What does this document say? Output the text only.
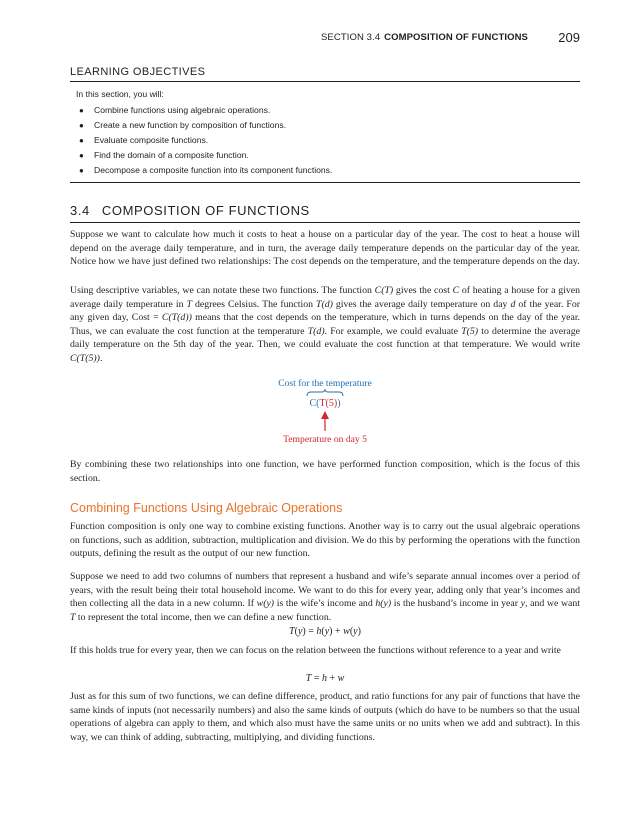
SECTION 3.4 COMPOSITION OF FUNCTIONS 209
LEARNING OBJECTIVES
In this section, you will:
● Combine functions using algebraic operations.
● Create a new function by composition of functions.
● Evaluate composite functions.
● Find the domain of a composite function.
● Decompose a composite function into its component functions.
3.4 COMPOSITION OF FUNCTIONS

Suppose we want to calculate how much it costs to heat a house on a particular day of the year. The cost to heat a house will depend on the average daily temperature, and in turn, the average daily temperature depends on the particular day of the year. Notice how we have just defined two relationships: The cost depends on the temperature, and the temperature depends on the day.

Using descriptive variables, we can notate these two functions. The function C(T) gives the cost C of heating a house for a given average daily temperature in T degrees Celsius. The function T(d) gives the average daily temperature on day d of the year. For any given day, Cost = C(T(d)) means that the cost depends on the temperature, which in turns depends on the day of the year. Thus, we can evaluate the cost function at the temperature T(d). For example, we could evaluate T(5) to determine the average daily temperature on the 5th day of the year. Then, we could evaluate the cost function at that temperature. We would write C(T(5)).

Cost for the temperature
C(T(5))
Temperature on day 5

By combining these two relationships into one function, we have performed function composition, which is the focus of this section.

Combining Functions Using Algebraic Operations

Function composition is only one way to combine existing functions. Another way is to carry out the usual algebraic operations on functions, such as addition, subtraction, multiplication and division. We do this by performing the operations with the function outputs, defining the result as the output of our new function.

Suppose we need to add two columns of numbers that represent a husband and wife’s separate annual incomes over a period of years, with the result being their total household income. We want to do this for every year, adding only that year’s incomes and then collecting all the data in a new column. If w(y) is the wife’s income and h(y) is the husband’s income in year y, and we want T to represent the total income, then we can define a new function.

T(y) = h(y) + w(y)

If this holds true for every year, then we can focus on the relation between the functions without reference to a year and write

T = h + w

Just as for this sum of two functions, we can define difference, product, and ratio functions for any pair of functions that have the same kinds of inputs (not necessarily numbers) and also the same kinds of outputs (which do have to be numbers so that the usual operations of algebra can apply to them, and which also must have the same units or no units when we add and subtract). In this way, we can think of adding, subtracting, multiplying, and dividing functions.
